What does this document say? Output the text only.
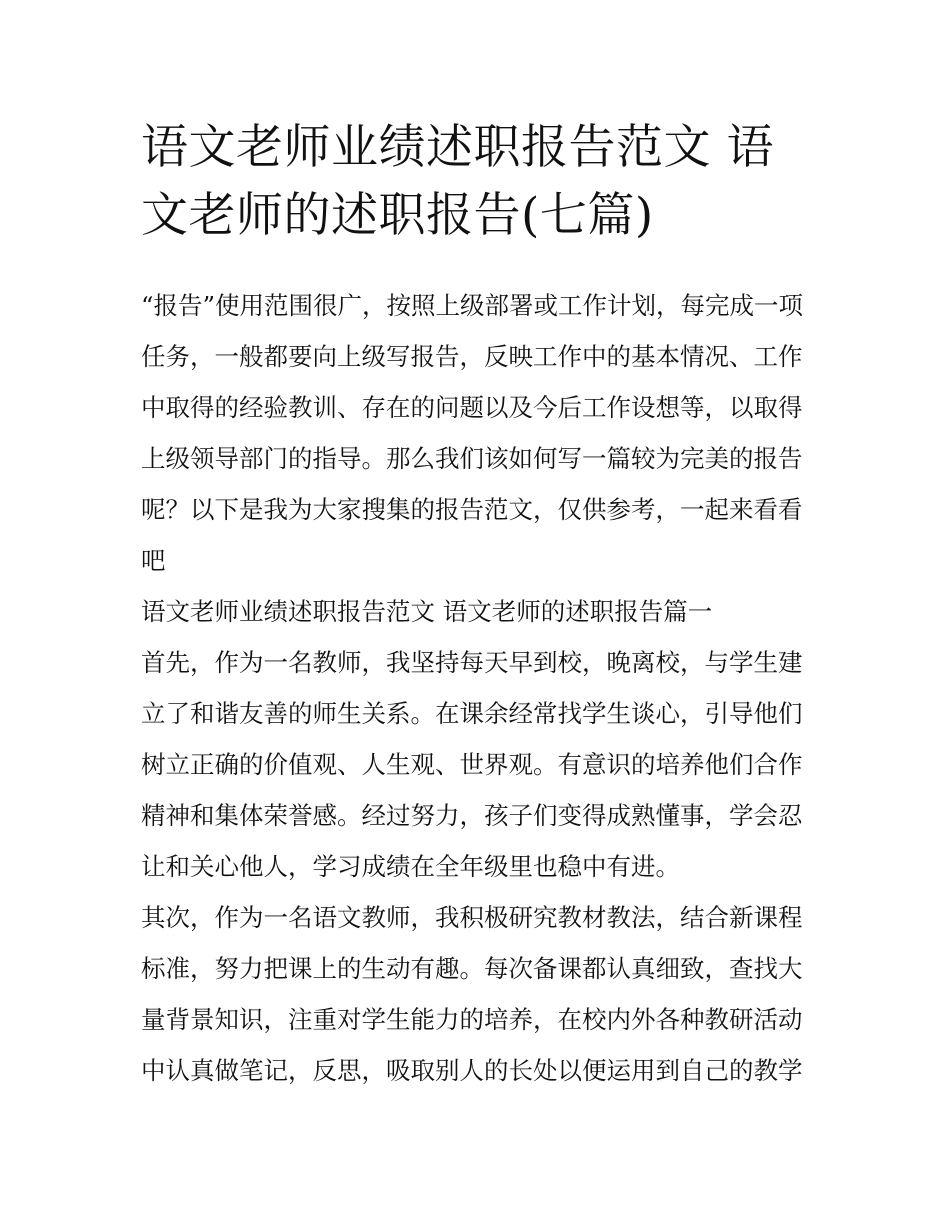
语文老师业绩述职报告范文 语
文老师的述职报告(七篇)
“报告”使用范围很广，按照上级部署或工作计划，每完成一项
任务，一般都要向上级写报告，反映工作中的基本情况、工作
中取得的经验教训、存在的问题以及今后工作设想等，以取得
上级领导部门的指导。那么我们该如何写一篇较为完美的报告
呢？以下是我为大家搜集的报告范文，仅供参考，一起来看看
吧
语文老师业绩述职报告范文 语文老师的述职报告篇一
首先，作为一名教师，我坚持每天早到校，晚离校，与学生建
立了和谐友善的师生关系。在课余经常找学生谈心，引导他们
树立正确的价值观、人生观、世界观。有意识的培养他们合作
精神和集体荣誉感。经过努力，孩子们变得成熟懂事，学会忍
让和关心他人，学习成绩在全年级里也稳中有进。
其次，作为一名语文教师，我积极研究教材教法，结合新课程
标准，努力把课上的生动有趣。每次备课都认真细致，查找大
量背景知识，注重对学生能力的培养，在校内外各种教研活动
中认真做笔记，反思，吸取别人的长处以便运用到自己的教学
